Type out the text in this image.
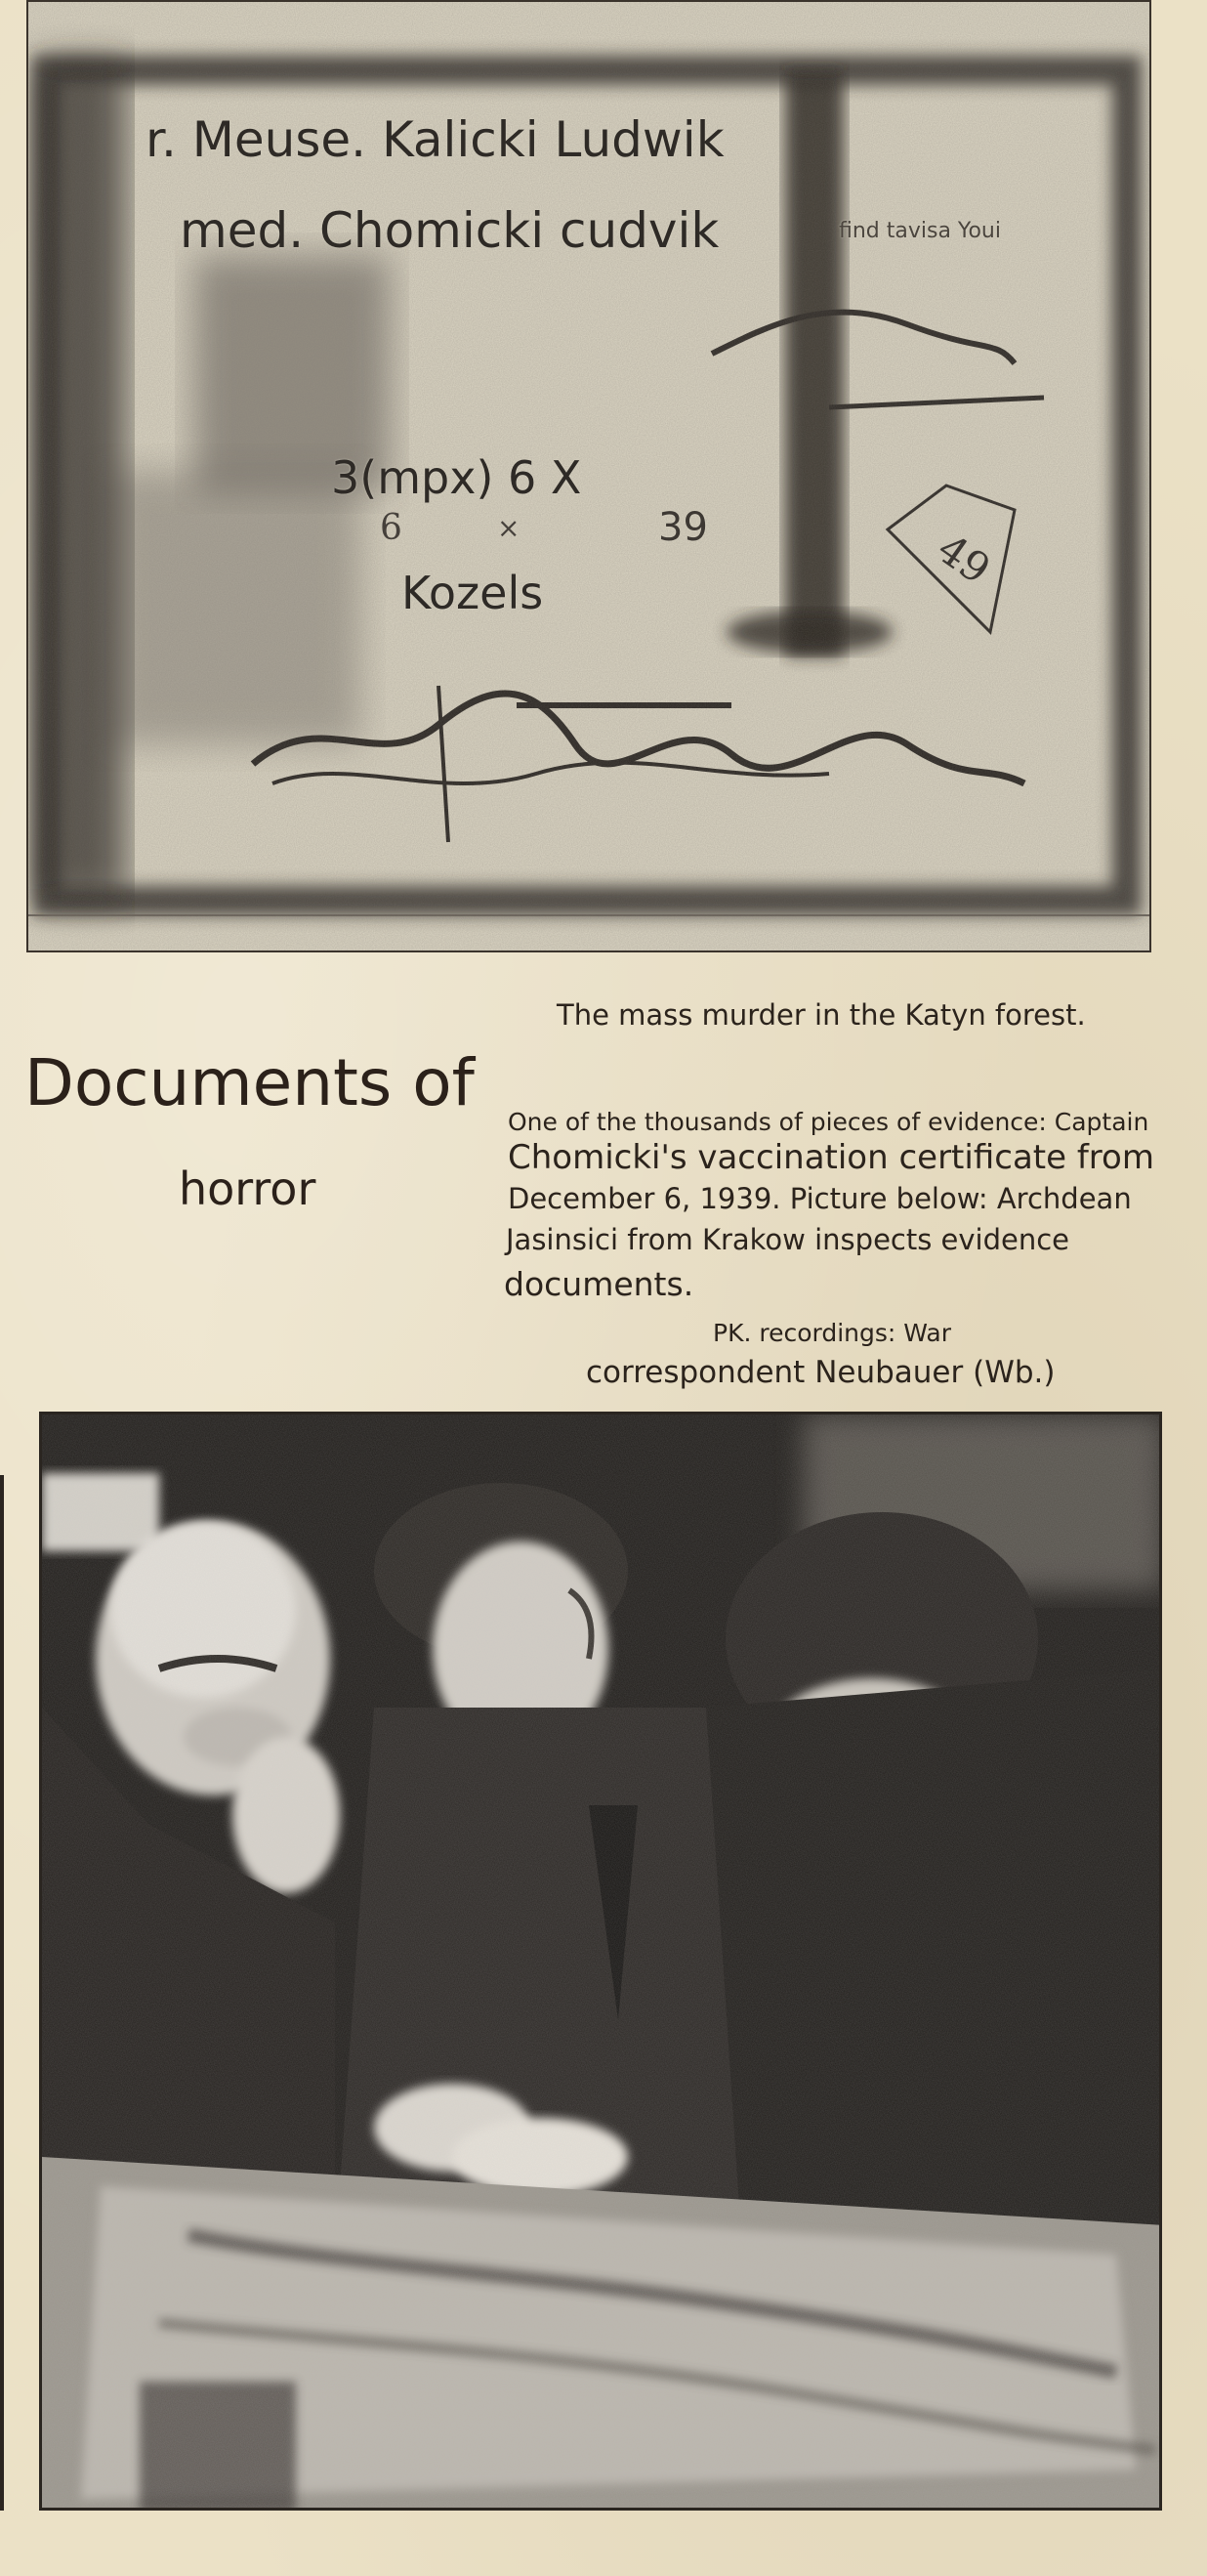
r. Meuse. Kalicki Ludwik
med. Chomicki cudvik	find tavisa Youi
3(mpx) 6 X
39
Kozels
The mass murder in the Katyn forest.
Documents of
horror
One of the thousands of pieces of evidence: Captain
Chomicki's vaccination certificate from
December 6, 1939. Picture below: Archdean
Jasinsici from Krakow inspects evidence
documents.
PK. recordings: War
correspondent Neubauer (Wb.)
